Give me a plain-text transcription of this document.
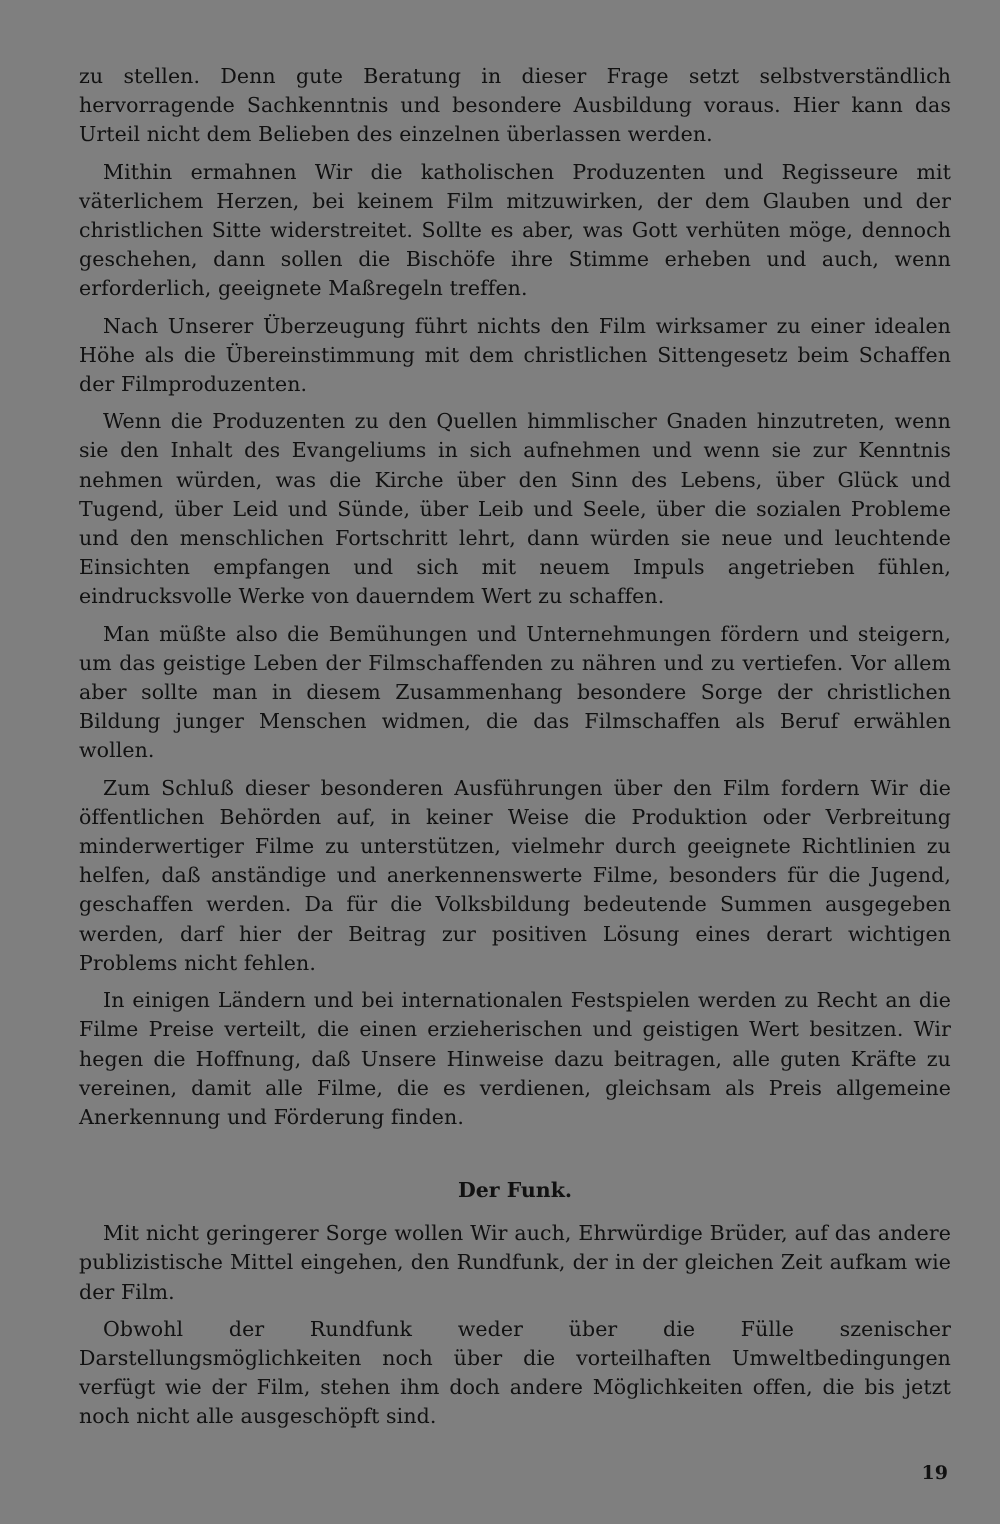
zu stellen. Denn gute Beratung in dieser Frage setzt selbstverständlich hervorragende Sachkenntnis und besondere Ausbildung voraus. Hier kann das Urteil nicht dem Belieben des einzelnen überlassen werden.

Mithin ermahnen Wir die katholischen Produzenten und Regisseure mit väterlichem Herzen, bei keinem Film mitzuwirken, der dem Glauben und der christlichen Sitte widerstreitet. Sollte es aber, was Gott verhüten möge, dennoch geschehen, dann sollen die Bischöfe ihre Stimme erheben und auch, wenn erforderlich, geeignete Maßregeln treffen.

Nach Unserer Überzeugung führt nichts den Film wirksamer zu einer idealen Höhe als die Übereinstimmung mit dem christlichen Sittengesetz beim Schaffen der Filmproduzenten.

Wenn die Produzenten zu den Quellen himmlischer Gnaden hinzutreten, wenn sie den Inhalt des Evangeliums in sich aufnehmen und wenn sie zur Kenntnis nehmen würden, was die Kirche über den Sinn des Lebens, über Glück und Tugend, über Leid und Sünde, über Leib und Seele, über die sozialen Probleme und den menschlichen Fortschritt lehrt, dann würden sie neue und leuchtende Einsichten empfangen und sich mit neuem Impuls angetrieben fühlen, eindrucksvolle Werke von dauerndem Wert zu schaffen.

Man müßte also die Bemühungen und Unternehmungen fördern und steigern, um das geistige Leben der Filmschaffenden zu nähren und zu vertiefen. Vor allem aber sollte man in diesem Zusammenhang besondere Sorge der christlichen Bildung junger Menschen widmen, die das Filmschaffen als Beruf erwählen wollen.

Zum Schluß dieser besonderen Ausführungen über den Film fordern Wir die öffentlichen Behörden auf, in keiner Weise die Produktion oder Verbreitung minderwertiger Filme zu unterstützen, vielmehr durch geeignete Richtlinien zu helfen, daß anständige und anerkennenswerte Filme, besonders für die Jugend, geschaffen werden. Da für die Volksbildung bedeutende Summen ausgegeben werden, darf hier der Beitrag zur positiven Lösung eines derart wichtigen Problems nicht fehlen.

In einigen Ländern und bei internationalen Festspielen werden zu Recht an die Filme Preise verteilt, die einen erzieherischen und geistigen Wert besitzen. Wir hegen die Hoffnung, daß Unsere Hinweise dazu beitragen, alle guten Kräfte zu vereinen, damit alle Filme, die es verdienen, gleichsam als Preis allgemeine Anerkennung und Förderung finden.

Der Funk.

Mit nicht geringerer Sorge wollen Wir auch, Ehrwürdige Brüder, auf das andere publizistische Mittel eingehen, den Rundfunk, der in der gleichen Zeit aufkam wie der Film.

Obwohl der Rundfunk weder über die Fülle szenischer Darstellungsmöglichkeiten noch über die vorteilhaften Umweltbedingungen verfügt wie der Film, stehen ihm doch andere Möglichkeiten offen, die bis jetzt noch nicht alle ausgeschöpft sind.

19
